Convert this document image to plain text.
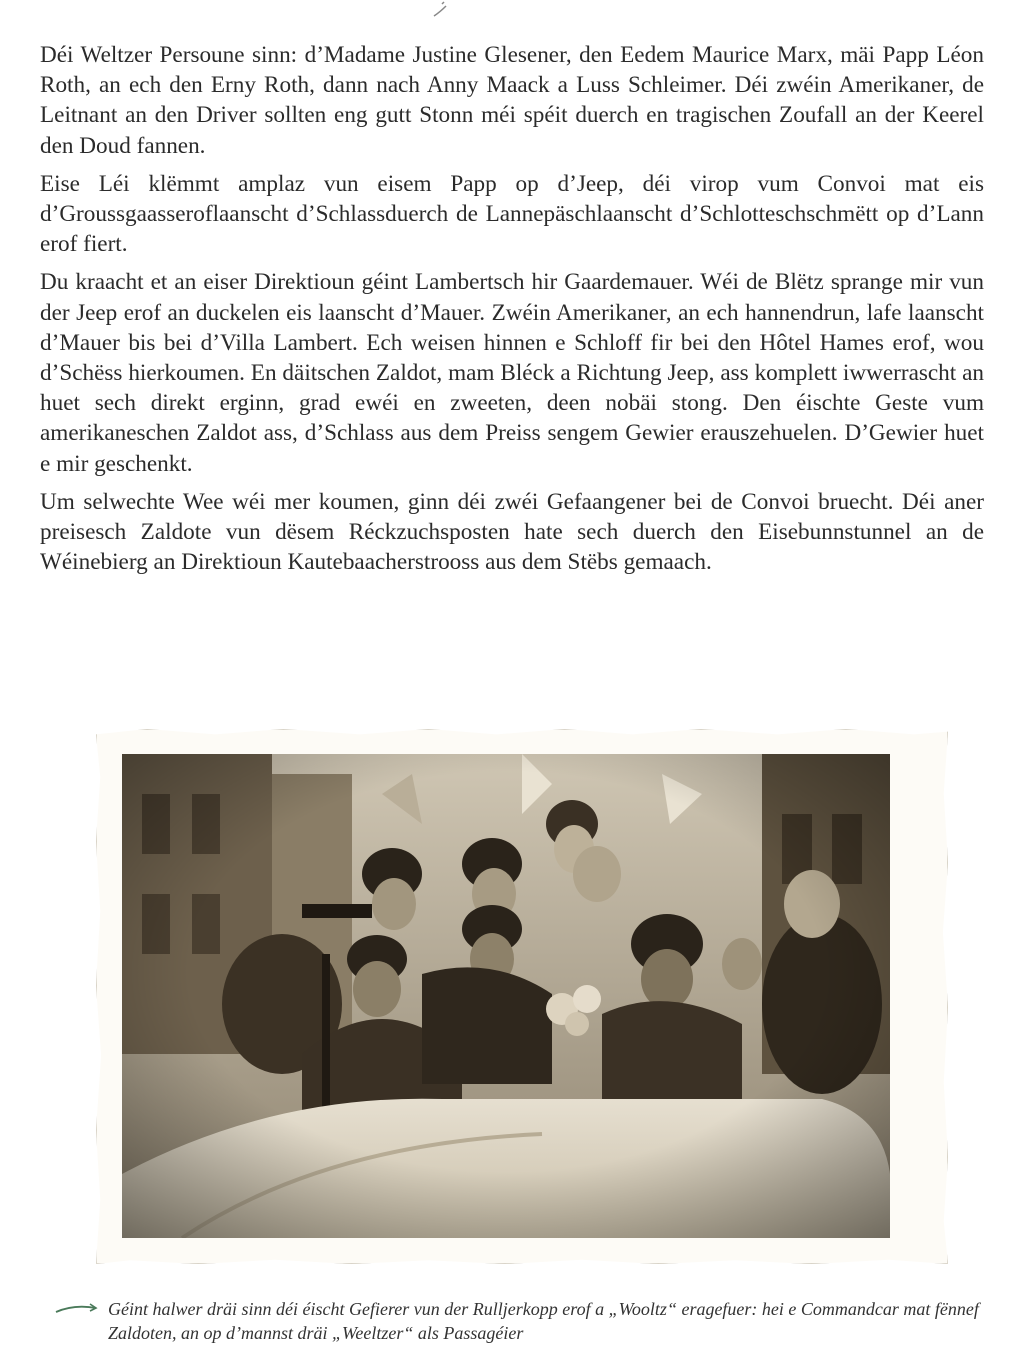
Déi Weltzer Persoune sinn: d’Madame Justine Glesener, den Eedem Maurice Marx, mäi Papp Léon Roth, an ech den Erny Roth, dann nach Anny Maack a Luss Schleimer. Déi zwéin Amerikaner, de Leitnant an den Driver sollten eng gutt Stonn méi spéit duerch en tragischen Zoufall an der Keerel den Doud fannen.

Eise Léi klëmmt amplaz vun eisem Papp op d’Jeep, déi virop vum Convoi mat eis d’Groussgaasseroflaanscht d’Schlassduerch de Lannepäschlaanscht d’Schlotteschschmëtt op d’Lann erof fiert.

Du kraacht et an eiser Direktioun géint Lambertsch hir Gaardemauer. Wéi de Blëtz sprange mir vun der Jeep erof an duckelen eis laanscht d’Mauer. Zwéin Amerikaner, an ech hannendrun, lafe laanscht d’Mauer bis bei d’Villa Lambert. Ech weisen hinnen e Schloff fir bei den Hôtel Hames erof, wou d’Schëss hierkoumen. En däitschen Zaldot, mam Bléck a Richtung Jeep, ass komplett iwwerrascht an huet sech direkt erginn, grad ewéi en zweeten, deen nobäi stong. Den éischte Geste vum amerikaneschen Zaldot ass, d’Schlass aus dem Preiss sengem Gewier erauszehuelen. D’Gewier huet e mir geschenkt.

Um selwechte Wee wéi mer koumen, ginn déi zwéi Gefaangener bei de Convoi bruecht. Déi aner preisesch Zaldote vun dësem Réckzuchsposten hate sech duerch den Eisebunnstunnel an de Wéinebierg an Direktioun Kautebaacherstrooss aus dem Stëbs gemaach.

Géint halwer dräi sinn déi éischt Gefierer vun der Rulljerkopp erof a „Wooltz“ eragefuer: hei e Commandcar mat fënnef Zaldoten, an op d’mannst dräi „Weeltzer“ als Passagéier
